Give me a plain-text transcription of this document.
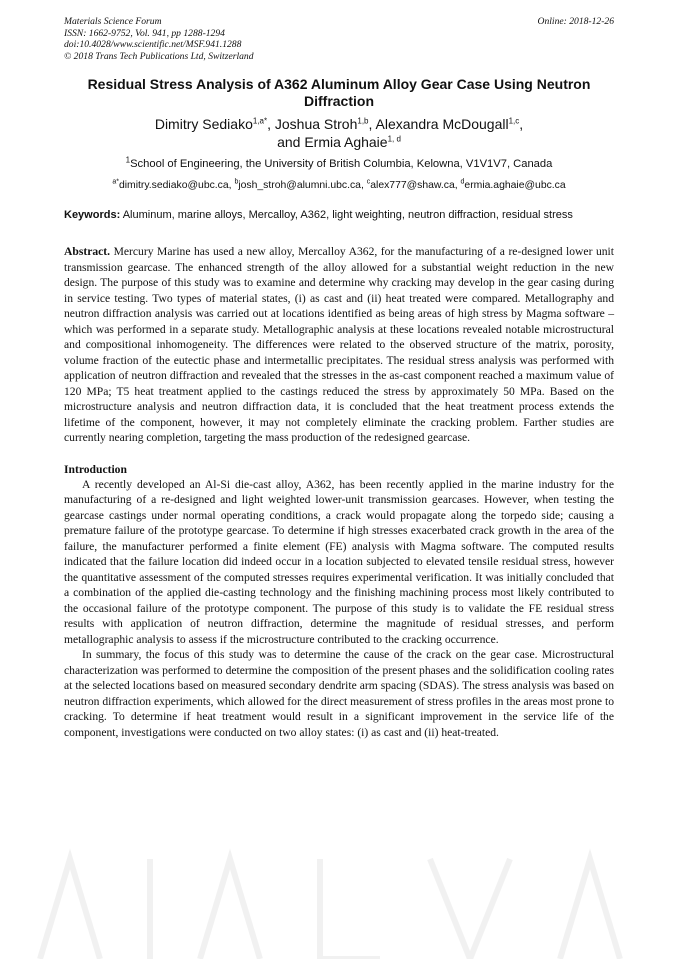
Materials Science Forum
ISSN: 1662-9752, Vol. 941, pp 1288-1294
doi:10.4028/www.scientific.net/MSF.941.1288
© 2018 Trans Tech Publications Ltd, Switzerland
Online: 2018-12-26
Residual Stress Analysis of A362 Aluminum Alloy Gear Case Using Neutron Diffraction
Dimitry Sediako$^{1,a*}$, Joshua Stroh$^{1,b}$, Alexandra McDougall$^{1,c}$,
and Ermia Aghaie$^{1, d}$
$^1$School of Engineering, the University of British Columbia, Kelowna, V1V1V7, Canada
$^{a*}$dimitry.sediako@ubc.ca, $^b$josh_stroh@alumni.ubc.ca, $^c$alex777@shaw.ca, $^d$ermia.aghaie@ubc.ca
Keywords: Aluminum, marine alloys, Mercalloy, A362, light weighting, neutron diffraction, residual stress
Abstract. Mercury Marine has used a new alloy, Mercalloy A362, for the manufacturing of a re-designed lower unit transmission gearcase. The enhanced strength of the alloy allowed for a substantial weight reduction in the new design. The purpose of this study was to examine and determine why cracking may develop in the gear casing during in service testing. Two types of material states, (i) as cast and (ii) heat treated were compared. Metallography and neutron diffraction analysis was carried out at locations identified as being areas of high stress by Magma software – which was performed in a separate study. Metallographic analysis at these locations revealed notable microstructural and compositional inhomogeneity. The differences were related to the observed structure of the matrix, porosity, volume fraction of the eutectic phase and intermetallic precipitates. The residual stress analysis was performed with application of neutron diffraction and revealed that the stresses in the as-cast component reached a maximum value of 120 MPa; T5 heat treatment applied to the castings reduced the stress by approximately 50 MPa. Based on the microstructure analysis and neutron diffraction data, it is concluded that the heat treatment process extends the lifetime of the component, however, it may not completely eliminate the cracking problem. Farther studies are currently nearing completion, targeting the mass production of the redesigned gearcase.
Introduction
A recently developed an Al-Si die-cast alloy, A362, has been recently applied in the marine industry for the manufacturing of a re-designed and light weighted lower-unit transmission gearcases. However, when testing the gearcase castings under normal operating conditions, a crack would propagate along the torpedo side; causing a premature failure of the prototype gearcase. To determine if high stresses exacerbated crack growth in the area of the failure, the manufacturer performed a finite element (FE) analysis with Magma software. The computed results indicated that the failure location did indeed occur in a location subjected to elevated tensile residual stress, however the quantitative assessment of the computed stresses requires experimental verification. It was initially concluded that a combination of the applied die-casting technology and the finishing machining process most likely contributed to the occasional failure of the prototype component. The purpose of this study is to validate the FE residual stress results with application of neutron diffraction, determine the magnitude of residual stresses, and perform metallographic analysis to assess if the microstructure contributed to the cracking occurrence.
In summary, the focus of this study was to determine the cause of the crack on the gear case. Microstructural characterization was performed to determine the composition of the present phases and the solidification cooling rates at the selected locations based on measured secondary dendrite arm spacing (SDAS). The stress analysis was based on neutron diffraction experiments, which allowed for the direct measurement of stress profiles in the areas most prone to cracking. To determine if heat treatment would result in a significant improvement in the service life of the component, investigations were conducted on two alloy states: (i) as cast and (ii) heat-treated.
